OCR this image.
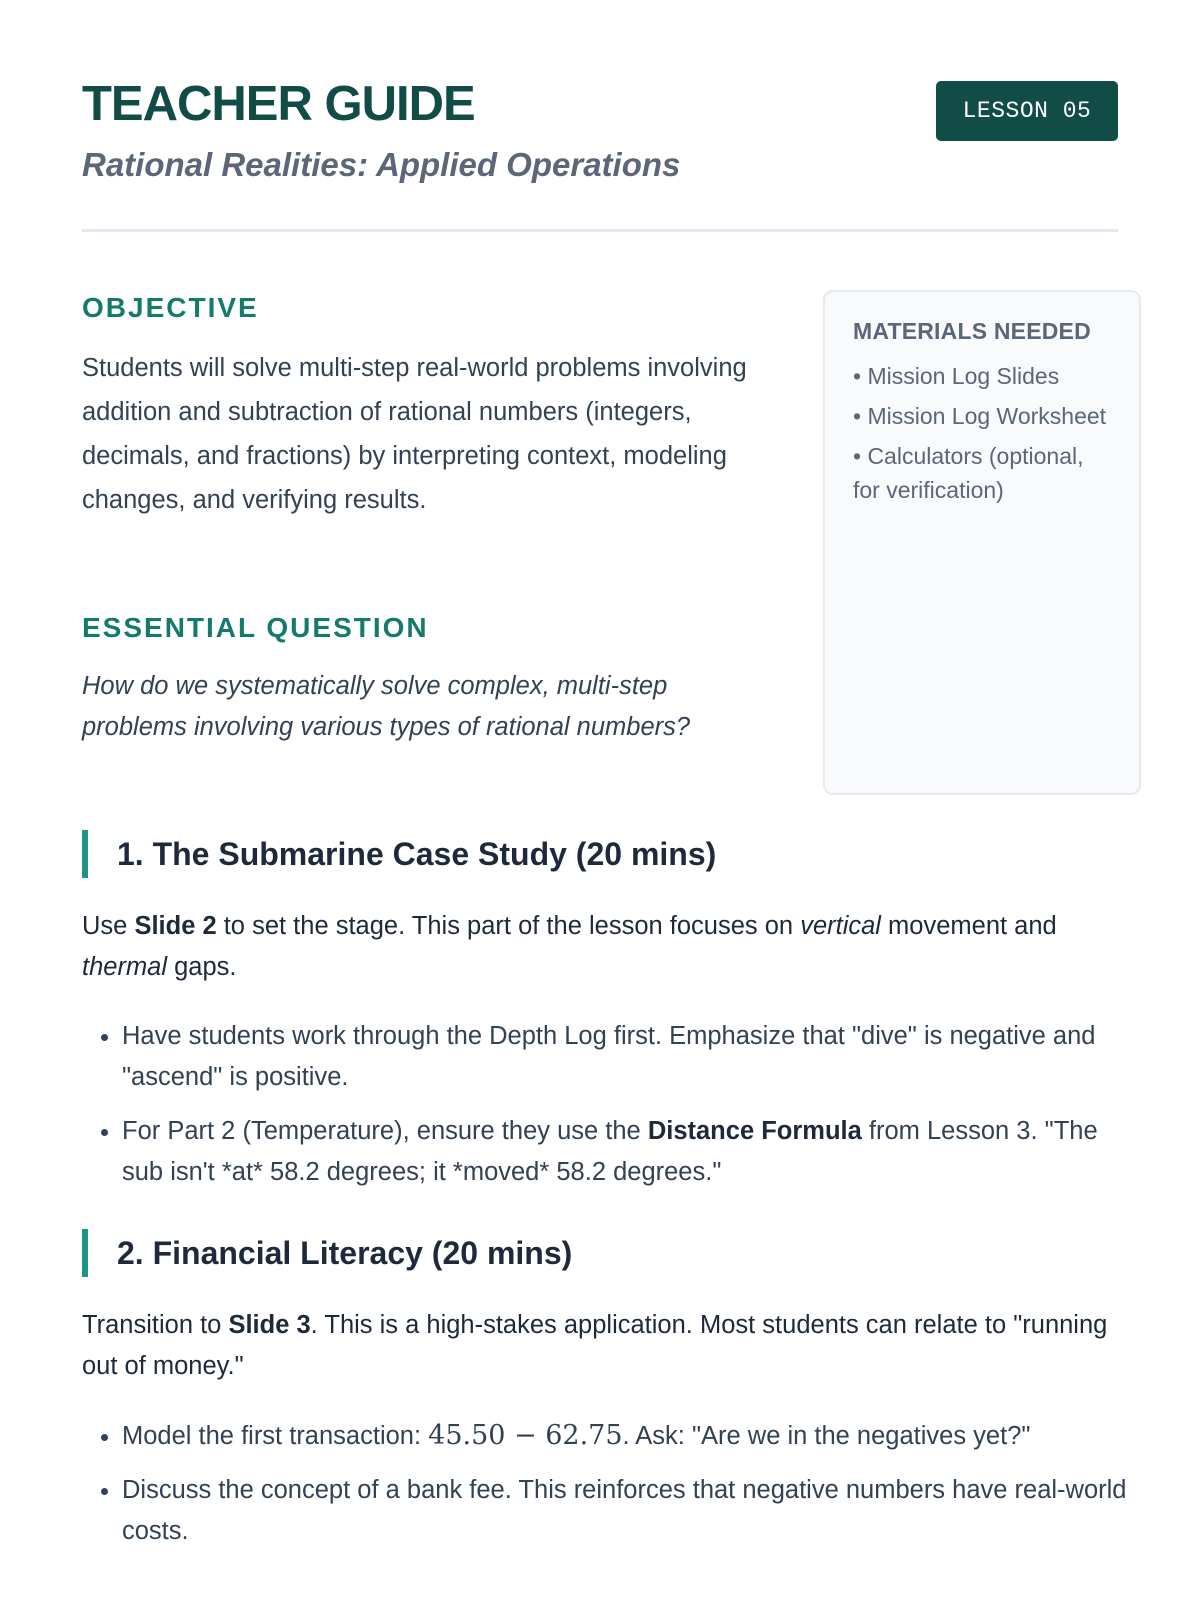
TEACHER GUIDE
Rational Realities: Applied Operations
LESSON 05
OBJECTIVE

Students will solve multi-step real-world problems involving addition and subtraction of rational numbers (integers, decimals, and fractions) by interpreting context, modeling changes, and verifying results.

ESSENTIAL QUESTION

How do we systematically solve complex, multi-step problems involving various types of rational numbers?

MATERIALS NEEDED
• Mission Log Slides
• Mission Log Worksheet
• Calculators (optional, for verification)
1. The Submarine Case Study (20 mins)

Use Slide 2 to set the stage. This part of the lesson focuses on vertical movement and thermal gaps.

• Have students work through the Depth Log first. Emphasize that "dive" is negative and "ascend" is positive.
• For Part 2 (Temperature), ensure they use the Distance Formula from Lesson 3. "The sub isn't *at* 58.2 degrees; it *moved* 58.2 degrees."
2. Financial Literacy (20 mins)

Transition to Slide 3. This is a high-stakes application. Most students can relate to "running out of money."

• Model the first transaction: 45.50 − 62.75. Ask: "Are we in the negatives yet?"
• Discuss the concept of a bank fee. This reinforces that negative numbers have real-world costs.
